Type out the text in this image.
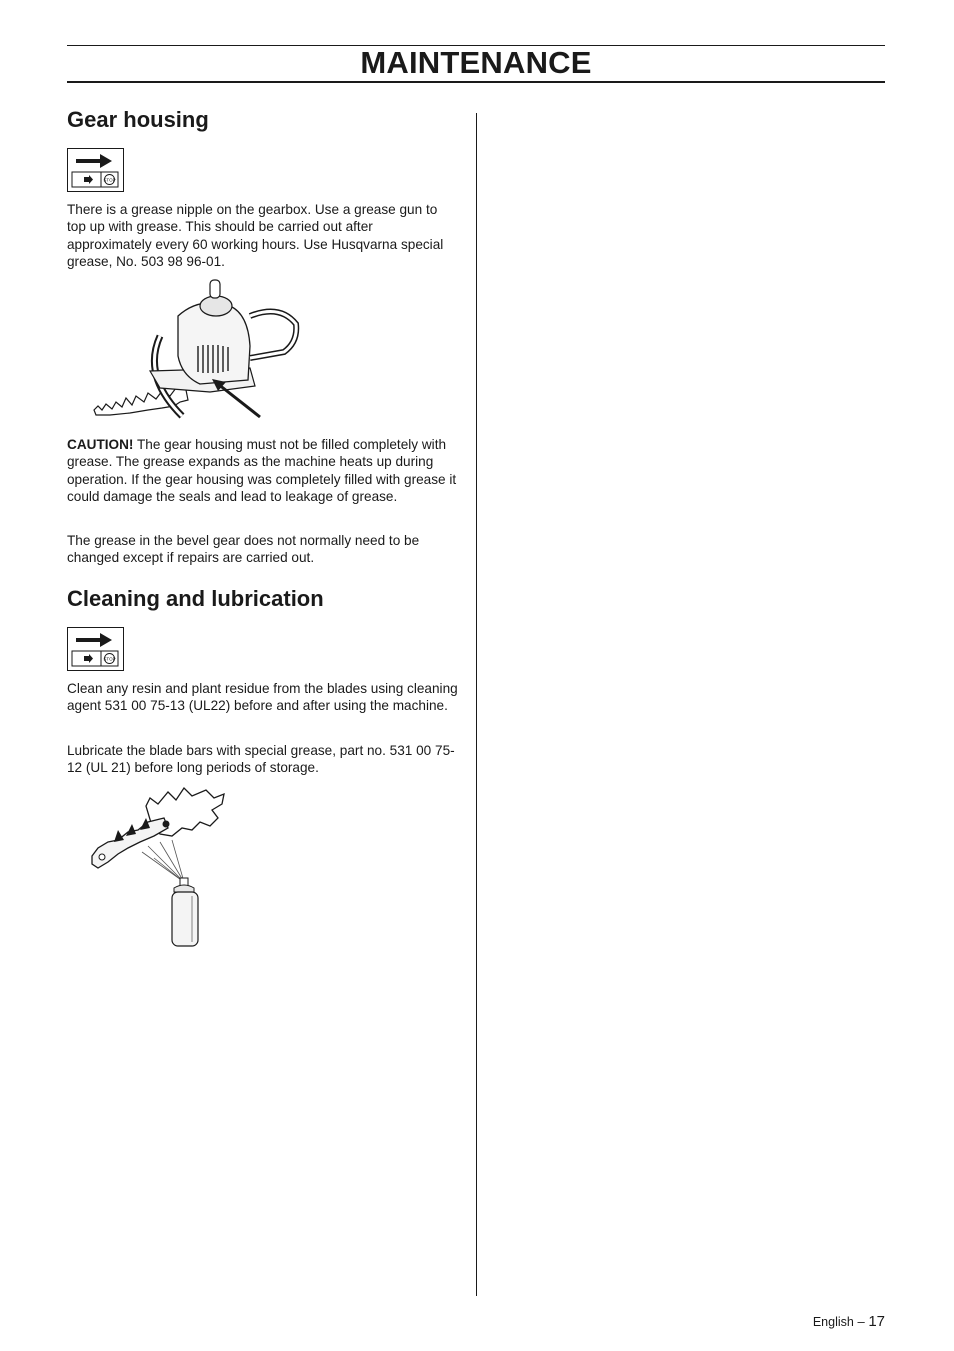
MAINTENANCE
Gear housing
STOP

There is a grease nipple on the gearbox. Use a grease gun to top up with grease. This should be carried out after approximately every 60 working hours. Use Husqvarna special grease, No. 503 98 96-01.

CAUTION! The gear housing must not be filled completely with grease. The grease expands as the machine heats up during operation. If the gear housing was completely filled with grease it could damage the seals and lead to leakage of grease.

The grease in the bevel gear does not normally need to be changed except if repairs are carried out.

Cleaning and lubrication
STOP

Clean any resin and plant residue from the blades using cleaning agent 531 00 75-13 (UL22) before and after using the machine.

Lubricate the blade bars with special grease, part no. 531 00 75-12 (UL 21) before long periods of storage.

English – 17
